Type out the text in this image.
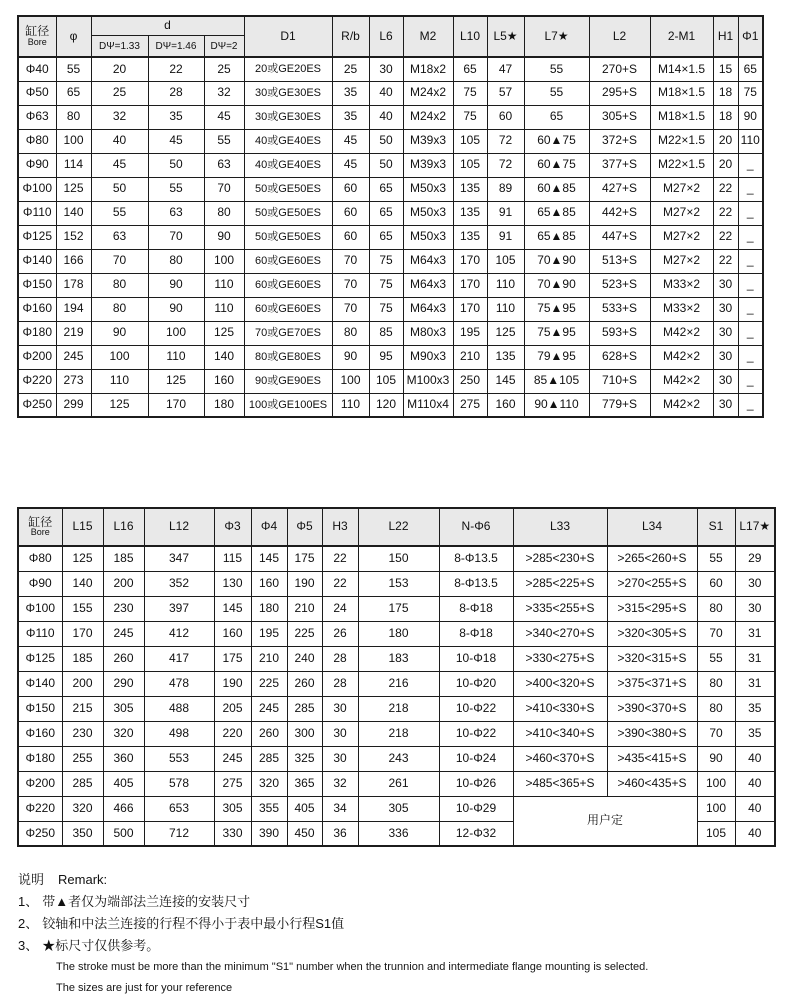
缸径
Bore	φ	d			D1	R/b	L6	M2	L10	L5★	L7★	L2	2-M1	H1	Φ1
		DΨ=1.33	DΨ=1.46	DΨ=2											
Φ40	55	20	22	25	20或GE20ES	25	30	M18x2	65	47	55	270+S	M14×1.5	15	65
Φ50	65	25	28	32	30或GE30ES	35	40	M24x2	75	57	55	295+S	M18×1.5	18	75
Φ63	80	32	35	45	30或GE30ES	35	40	M24x2	75	60	65	305+S	M18×1.5	18	90
Φ80	100	40	45	55	40或GE40ES	45	50	M39x3	105	72	60▲75	372+S	M22×1.5	20	110
Φ90	114	45	50	63	40或GE40ES	45	50	M39x3	105	72	60▲75	377+S	M22×1.5	20	_
Φ100	125	50	55	70	50或GE50ES	60	65	M50x3	135	89	60▲85	427+S	M27×2	22	_
Φ110	140	55	63	80	50或GE50ES	60	65	M50x3	135	91	65▲85	442+S	M27×2	22	_
Φ125	152	63	70	90	50或GE50ES	60	65	M50x3	135	91	65▲85	447+S	M27×2	22	_
Φ140	166	70	80	100	60或GE60ES	70	75	M64x3	170	105	70▲90	513+S	M27×2	22	_
Φ150	178	80	90	110	60或GE60ES	70	75	M64x3	170	110	70▲90	523+S	M33×2	30	_
Φ160	194	80	90	110	60或GE60ES	70	75	M64x3	170	110	75▲95	533+S	M33×2	30	_
Φ180	219	90	100	125	70或GE70ES	80	85	M80x3	195	125	75▲95	593+S	M42×2	30	_
Φ200	245	100	110	140	80或GE80ES	90	95	M90x3	210	135	79▲95	628+S	M42×2	30	_
Φ220	273	110	125	160	90或GE90ES	100	105	M100x3	250	145	85▲105	710+S	M42×2	30	_
Φ250	299	125	170	180	100或GE100ES	110	120	M110x4	275	160	90▲110	779+S	M42×2	30	_
缸径
Bore	L15	L16	L12	Φ3	Φ4	Φ5	H3	L22	N-Φ6	L33	L34	S1	L17★
Φ80	125	185	347	115	145	175	22	150	8-Φ13.5	>285<230+S	>265<260+S	55	29
Φ90	140	200	352	130	160	190	22	153	8-Φ13.5	>285<225+S	>270<255+S	60	30
Φ100	155	230	397	145	180	210	24	175	8-Φ18	>335<255+S	>315<295+S	80	30
Φ110	170	245	412	160	195	225	26	180	8-Φ18	>340<270+S	>320<305+S	70	31
Φ125	185	260	417	175	210	240	28	183	10-Φ18	>330<275+S	>320<315+S	55	31
Φ140	200	290	478	190	225	260	28	216	10-Φ20	>400<320+S	>375<371+S	80	31
Φ150	215	305	488	205	245	285	30	218	10-Φ22	>410<330+S	>390<370+S	80	35
Φ160	230	320	498	220	260	300	30	218	10-Φ22	>410<340+S	>390<380+S	70	35
Φ180	255	360	553	245	285	325	30	243	10-Φ24	>460<370+S	>435<415+S	90	40
Φ200	285	405	578	275	320	365	32	261	10-Φ26	>485<365+S	>460<435+S	100	40
Φ220	320	466	653	305	355	405	34	305	10-Φ29	用户定		100	40
Φ250	350	500	712	330	390	450	36	336	12-Φ32			105	40
说明 Remark:
1、 带▲者仅为端部法兰连接的安装尺寸
2、 铰轴和中法兰连接的行程不得小于表中最小行程S1值
3、 ★标尺寸仅供参考。
The stroke must be more than the minimum "S1" number when the trunnion and intermediate flange mounting is selected.
The sizes are just for your reference
